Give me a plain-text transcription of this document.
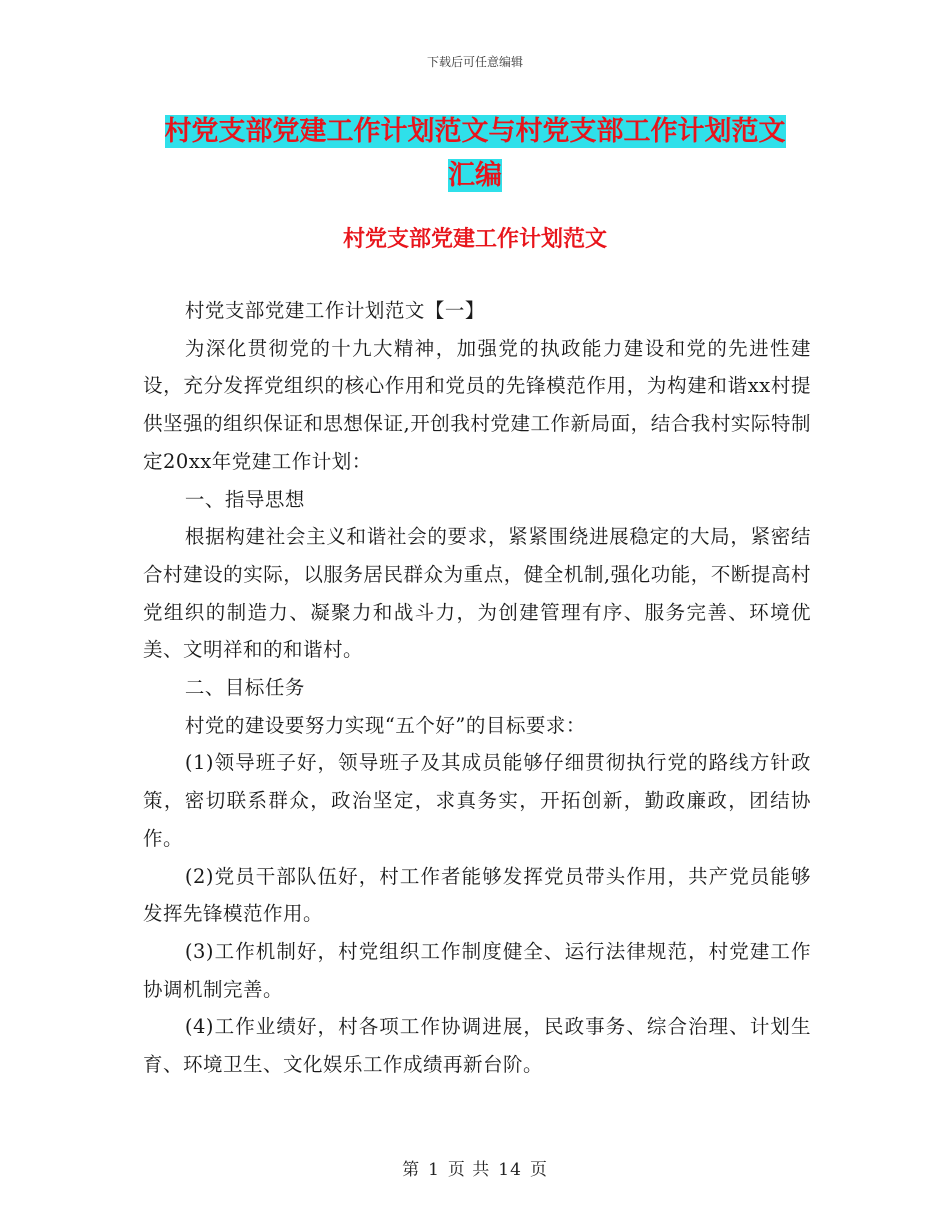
下载后可任意编辑
村党支部党建工作计划范文与村党支部工作计划范文
汇编
村党支部党建工作计划范文

村党支部党建工作计划范文【一】

为深化贯彻党的十九大精神，加强党的执政能力建设和党的先进性建设，充分发挥党组织的核心作用和党员的先锋模范作用，为构建和谐xx村提供坚强的组织保证和思想保证,开创我村党建工作新局面，结合我村实际特制定20xx年党建工作计划：

一、指导思想

根据构建社会主义和谐社会的要求，紧紧围绕进展稳定的大局，紧密结合村建设的实际，以服务居民群众为重点，健全机制,强化功能，不断提高村党组织的制造力、凝聚力和战斗力，为创建管理有序、服务完善、环境优美、文明祥和的和谐村。

二、目标任务

村党的建设要努力实现“五个好”的目标要求：

(1)领导班子好，领导班子及其成员能够仔细贯彻执行党的路线方针政策，密切联系群众，政治坚定，求真务实，开拓创新，勤政廉政，团结协作。

(2)党员干部队伍好，村工作者能够发挥党员带头作用，共产党员能够发挥先锋模范作用。

(3)工作机制好，村党组织工作制度健全、运行法律规范，村党建工作协调机制完善。

(4)工作业绩好，村各项工作协调进展，民政事务、综合治理、计划生育、环境卫生、文化娱乐工作成绩再新台阶。

第 1 页 共 14 页
